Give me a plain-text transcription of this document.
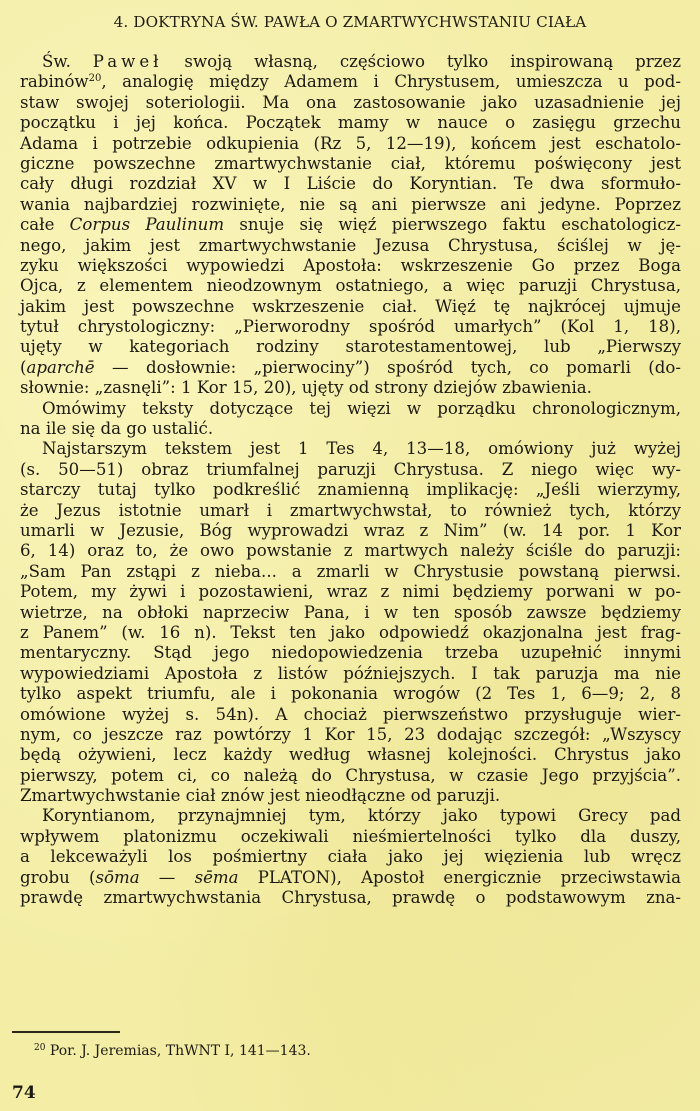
4. DOKTRYNA ŚW. PAWŁA O ZMARTWYCHWSTANIU CIAŁA
Św. Paweł swoją własną, częściowo tylko inspirowaną przez
rabinów$^{20}$, analogię między Adamem i Chrystusem, umieszcza u pod-
staw swojej soteriologii. Ma ona zastosowanie jako uzasadnienie jej
początku i jej końca. Początek mamy w nauce o zasięgu grzechu
Adama i potrzebie odkupienia (Rz 5, 12—19), końcem jest eschatolo-
giczne powszechne zmartwychwstanie ciał, któremu poświęcony jest
cały długi rozdział XV w I Liście do Koryntian. Te dwa sformuło-
wania najbardziej rozwinięte, nie są ani pierwsze ani jedyne. Poprzez
całe Corpus Paulinum snuje się więź pierwszego faktu eschatologicz-
nego, jakim jest zmartwychwstanie Jezusa Chrystusa, ściślej w ję-
zyku większości wypowiedzi Apostoła: wskrzeszenie Go przez Boga
Ojca, z elementem nieodzownym ostatniego, a więc paruzji Chrystusa,
jakim jest powszechne wskrzeszenie ciał. Więź tę najkrócej ujmuje
tytuł chrystologiczny: „Pierworodny spośród umarłych” (Kol 1, 18),
ujęty w kategoriach rodziny starotestamentowej, lub „Pierwszy
(aparchē — dosłownie: „pierwociny”) spośród tych, co pomarli (do-
słownie: „zasnęli”: 1 Kor 15, 20), ujęty od strony dziejów zbawienia.
Omówimy teksty dotyczące tej więzi w porządku chronologicznym,
na ile się da go ustalić.
Najstarszym tekstem jest 1 Tes 4, 13—18, omówiony już wyżej
(s. 50—51) obraz triumfalnej paruzji Chrystusa. Z niego więc wy-
starczy tutaj tylko podkreślić znamienną implikację: „Jeśli wierzymy,
że Jezus istotnie umarł i zmartwychwstał, to również tych, którzy
umarli w Jezusie, Bóg wyprowadzi wraz z Nim” (w. 14 por. 1 Kor
6, 14) oraz to, że owo powstanie z martwych należy ściśle do paruzji:
„Sam Pan zstąpi z nieba... a zmarli w Chrystusie powstaną pierwsi.
Potem, my żywi i pozostawieni, wraz z nimi będziemy porwani w po-
wietrze, na obłoki naprzeciw Pana, i w ten sposób zawsze będziemy
z Panem” (w. 16 n). Tekst ten jako odpowiedź okazjonalna jest frag-
mentaryczny. Stąd jego niedopowiedzenia trzeba uzupełnić innymi
wypowiedziami Apostoła z listów późniejszych. I tak paruzja ma nie
tylko aspekt triumfu, ale i pokonania wrogów (2 Tes 1, 6—9; 2, 8
omówione wyżej s. 54n). A chociaż pierwszeństwo przysługuje wier-
nym, co jeszcze raz powtórzy 1 Kor 15, 23 dodając szczegół: „Wszyscy
będą ożywieni, lecz każdy według własnej kolejności. Chrystus jako
pierwszy, potem ci, co należą do Chrystusa, w czasie Jego przyjścia”.
Zmartwychwstanie ciał znów jest nieodłączne od paruzji.
Koryntianom, przynajmniej tym, którzy jako typowi Grecy pad
wpływem platonizmu oczekiwali nieśmiertelności tylko dla duszy,
a lekceważyli los pośmiertny ciała jako jej więzienia lub wręcz
grobu (sōma — sēma PLATON), Apostoł energicznie przeciwstawia
prawdę zmartwychwstania Chrystusa, prawdę o podstawowym zna-
$^{20}$ Por. J. Jeremias, ThWNT I, 141—143.
74
